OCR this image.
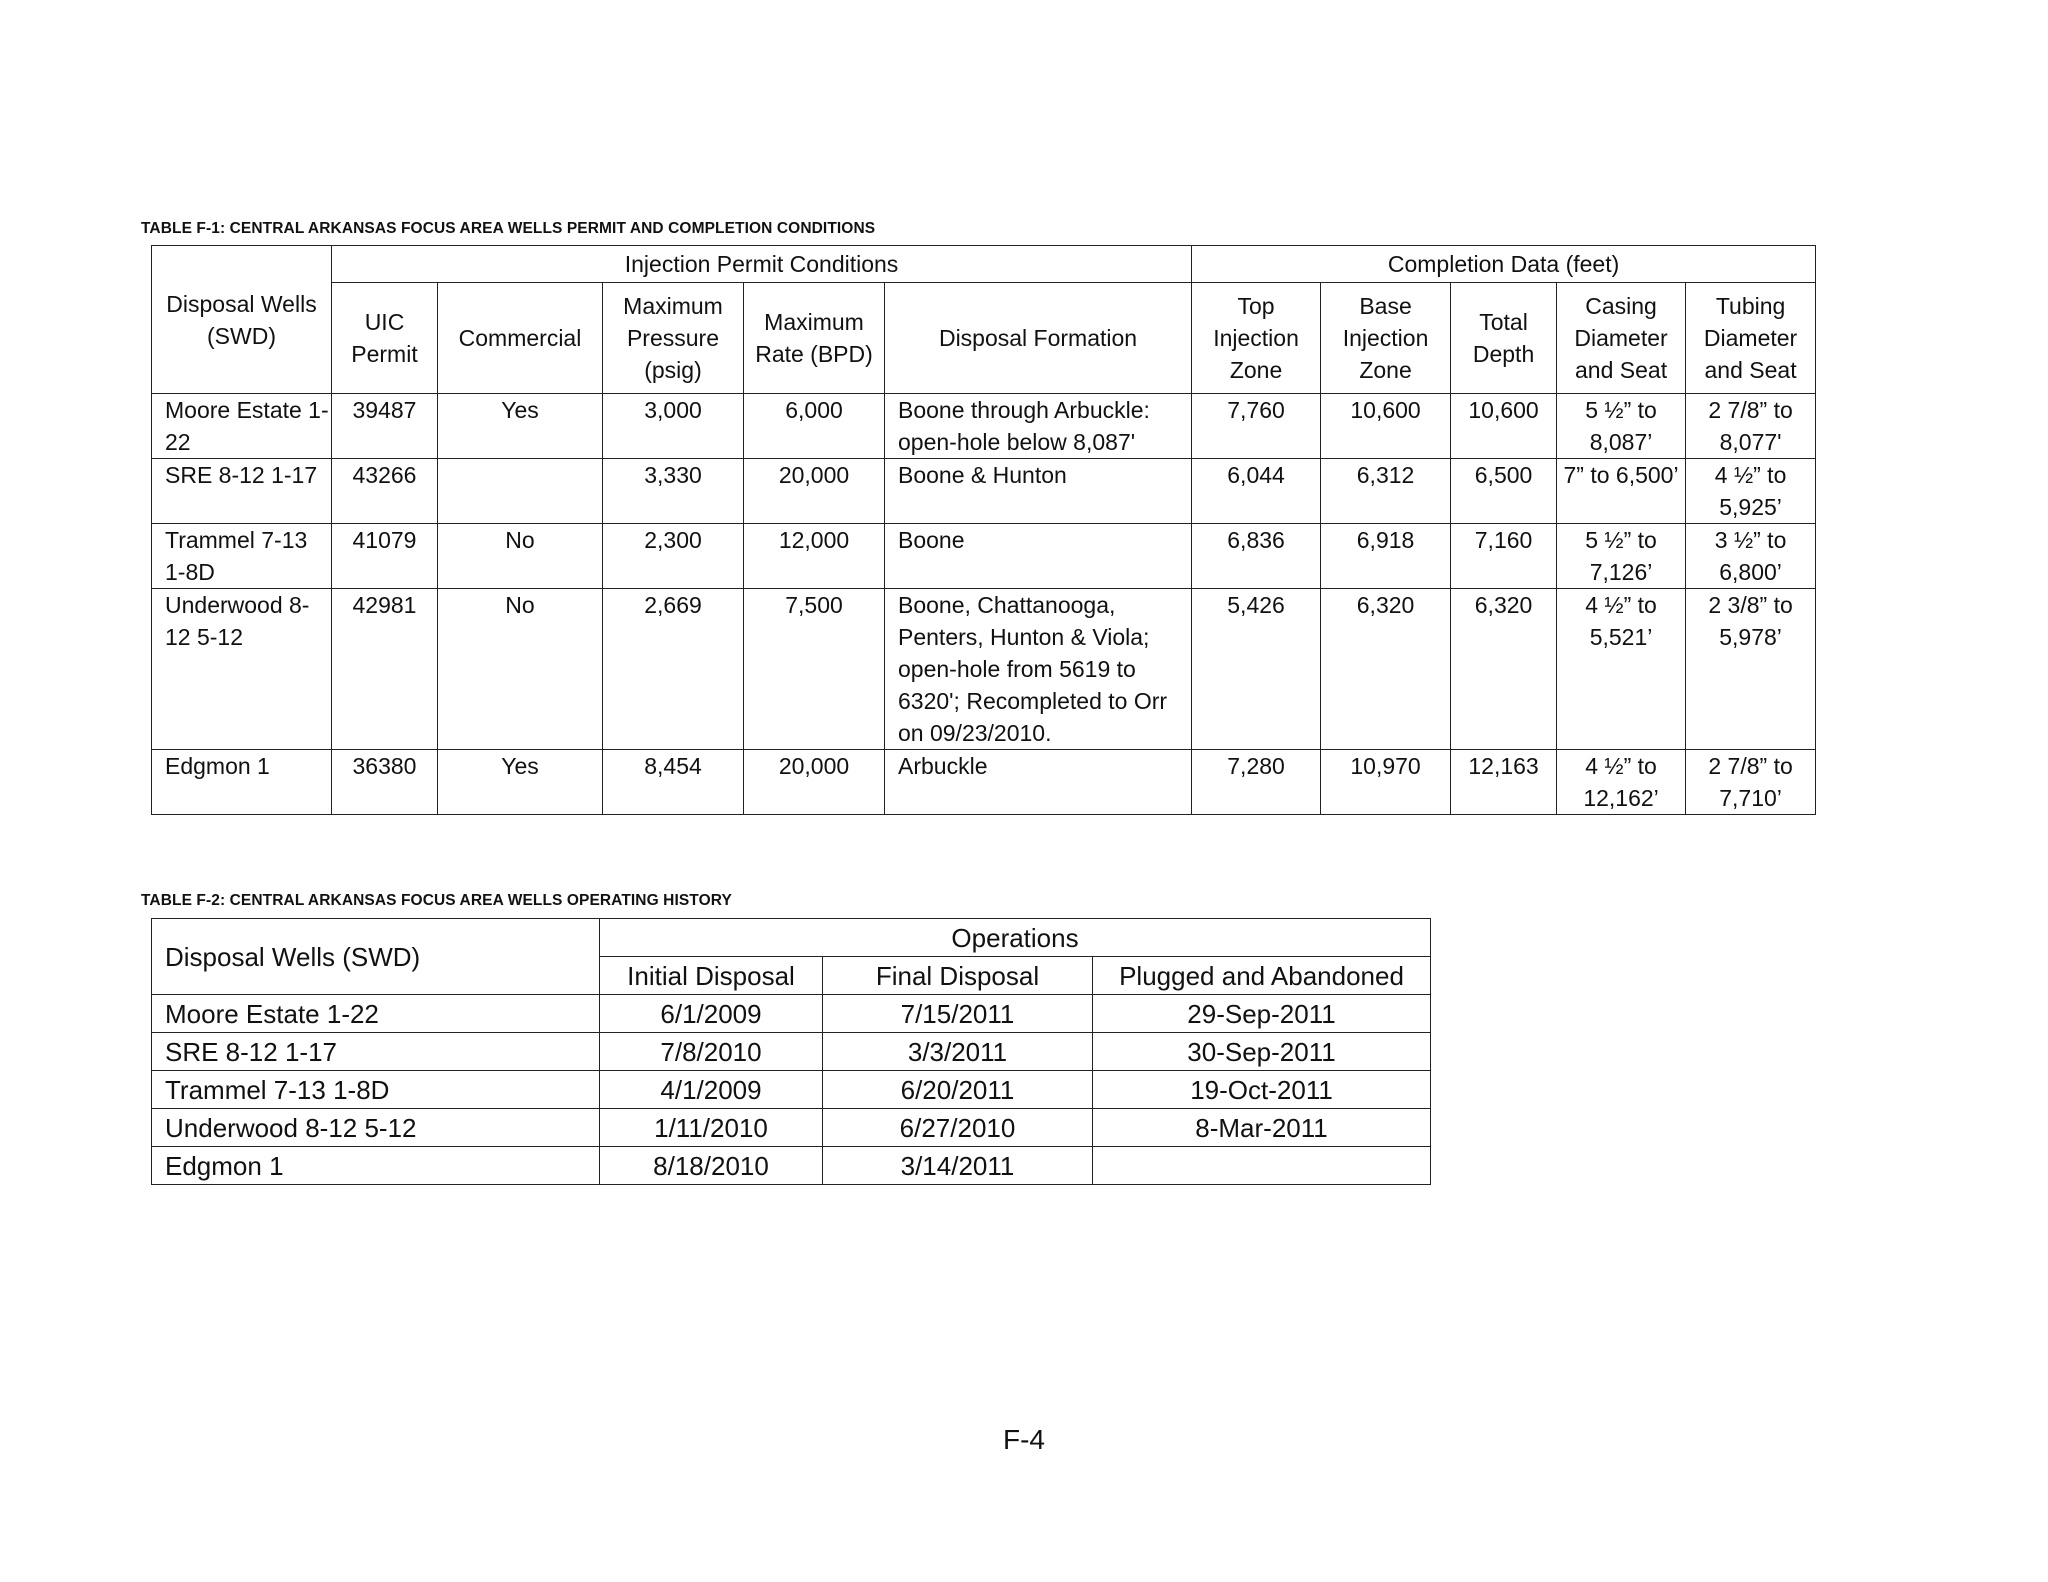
TABLE F-1: CENTRAL ARKANSAS FOCUS AREA WELLS PERMIT AND COMPLETION CONDITIONS
Disposal Wells (SWD)	Injection Permit Conditions					Completion Data (feet)				
	UIC Permit	Commercial	Maximum Pressure (psig)	Maximum Rate (BPD)	Disposal Formation	Top Injection Zone	Base Injection Zone	Total Depth	Casing Diameter and Seat	Tubing Diameter and Seat
Moore Estate 1-22	39487	Yes	3,000	6,000	Boone through Arbuckle: open-hole below 8,087'	7,760	10,600	10,600	5 ½” to 8,087’	2 7/8” to 8,077'
SRE 8-12 1-17	43266		3,330	20,000	Boone & Hunton	6,044	6,312	6,500	7” to 6,500’	4 ½” to 5,925’
Trammel 7-13 1-8D	41079	No	2,300	12,000	Boone	6,836	6,918	7,160	5 ½” to 7,126’	3 ½” to 6,800’
Underwood 8-12 5-12	42981	No	2,669	7,500	Boone, Chattanooga, Penters, Hunton & Viola; open-hole from 5619 to 6320'; Recompleted to Orr on 09/23/2010.	5,426	6,320	6,320	4 ½” to 5,521’	2 3/8” to 5,978’
Edgmon 1	36380	Yes	8,454	20,000	Arbuckle	7,280	10,970	12,163	4 ½” to 12,162’	2 7/8” to 7,710’
TABLE F-2: CENTRAL ARKANSAS FOCUS AREA WELLS OPERATING HISTORY
Disposal Wells (SWD)	Operations		
	Initial Disposal	Final Disposal	Plugged and Abandoned
Moore Estate 1-22	6/1/2009	7/15/2011	29-Sep-2011
SRE 8-12 1-17	7/8/2010	3/3/2011	30-Sep-2011
Trammel 7-13 1-8D	4/1/2009	6/20/2011	19-Oct-2011
Underwood 8-12 5-12	1/11/2010	6/27/2010	8-Mar-2011
Edgmon 1	8/18/2010	3/14/2011	
F-4
